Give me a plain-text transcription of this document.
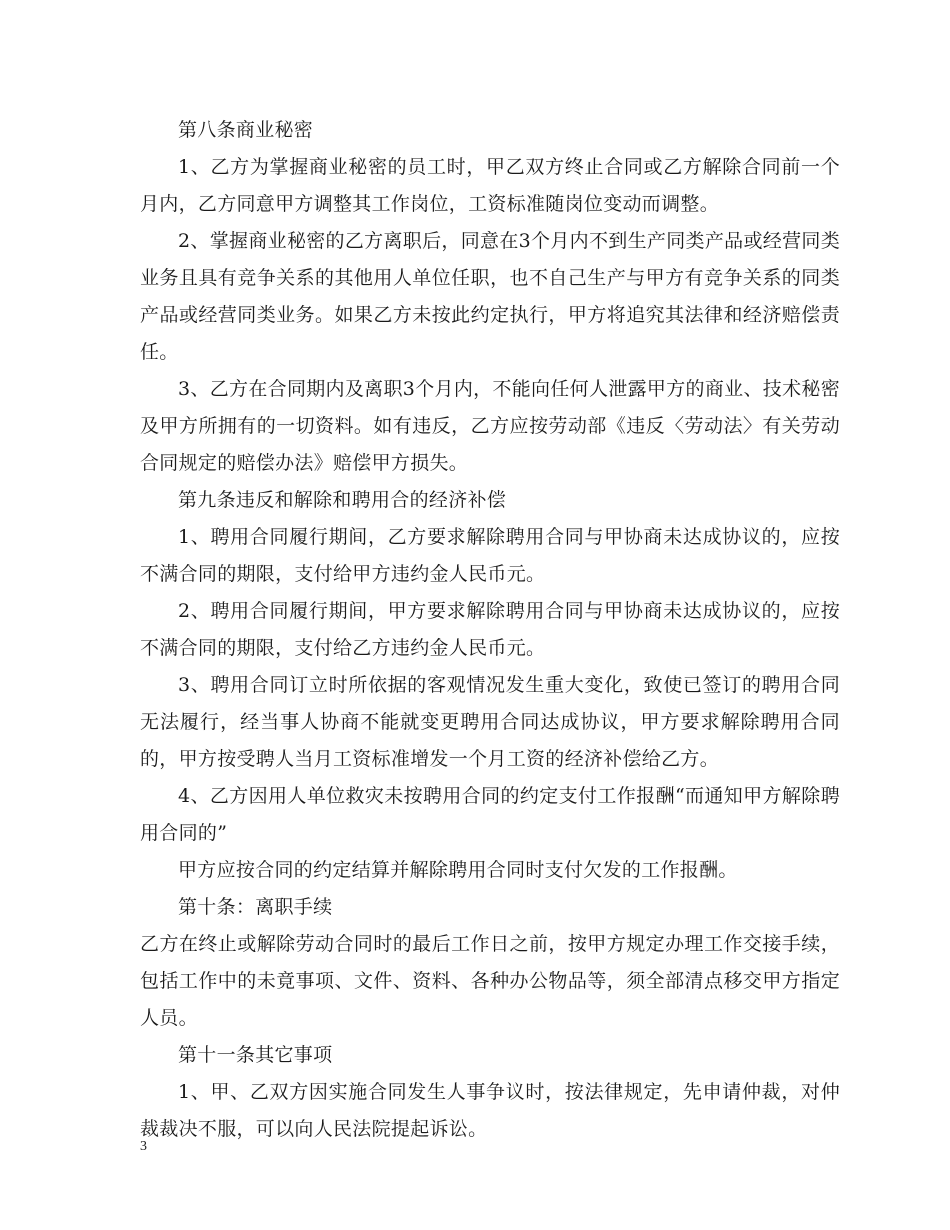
第八条商业秘密

1、乙方为掌握商业秘密的员工时，甲乙双方终止合同或乙方解除合同前一个月内，乙方同意甲方调整其工作岗位，工资标准随岗位变动而调整。

2、掌握商业秘密的乙方离职后，同意在3个月内不到生产同类产品或经营同类业务且具有竞争关系的其他用人单位任职，也不自己生产与甲方有竞争关系的同类产品或经营同类业务。如果乙方未按此约定执行，甲方将追究其法律和经济赔偿责任。

3、乙方在合同期内及离职3个月内，不能向任何人泄露甲方的商业、技术秘密及甲方所拥有的一切资料。如有违反，乙方应按劳动部《违反〈劳动法〉有关劳动合同规定的赔偿办法》赔偿甲方损失。

第九条违反和解除和聘用合的经济补偿

1、聘用合同履行期间，乙方要求解除聘用合同与甲协商未达成协议的，应按不满合同的期限，支付给甲方违约金人民币元。

2、聘用合同履行期间，甲方要求解除聘用合同与甲协商未达成协议的，应按不满合同的期限，支付给乙方违约金人民币元。

3、聘用合同订立时所依据的客观情况发生重大变化，致使已签订的聘用合同无法履行，经当事人协商不能就变更聘用合同达成协议，甲方要求解除聘用合同的，甲方按受聘人当月工资标准增发一个月工资的经济补偿给乙方。

4、乙方因用人单位救灾未按聘用合同的约定支付工作报酬“而通知甲方解除聘用合同的”

甲方应按合同的约定结算并解除聘用合同时支付欠发的工作报酬。

第十条：离职手续

乙方在终止或解除劳动合同时的最后工作日之前，按甲方规定办理工作交接手续，包括工作中的未竟事项、文件、资料、各种办公物品等，须全部清点移交甲方指定人员。

第十一条其它事项

1、甲、乙双方因实施合同发生人事争议时，按法律规定，先申请仲裁，对仲裁裁决不服，可以向人民法院提起诉讼。

3
